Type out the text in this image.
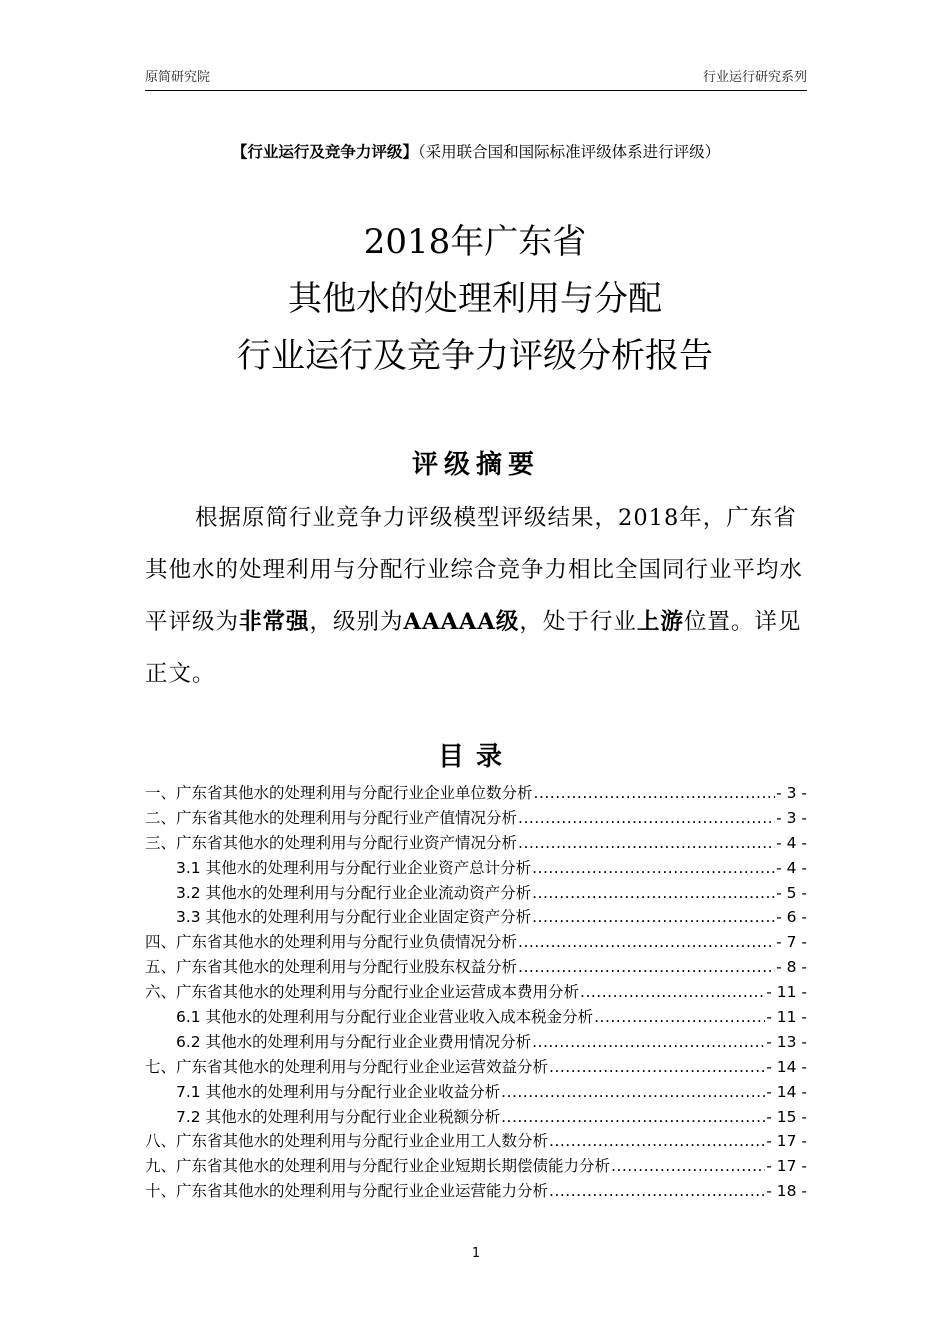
原简研究院	行业运行研究系列
【行业运行及竞争力评级】（采用联合国和国际标准评级体系进行评级）
2018年广东省
其他水的处理利用与分配
行业运行及竞争力评级分析报告
评级摘要
根据原简行业竞争力评级模型评级结果，2018年，广东省其他水的处理利用与分配行业综合竞争力相比全国同行业平均水平评级为非常强，级别为AAAAA级，处于行业上游位置。详见正文。
目录
一、广东省其他水的处理利用与分配行业企业单位数分析 .....	- 3 -
二、广东省其他水的处理利用与分配行业产值情况分析 .....	- 3 -
三、广东省其他水的处理利用与分配行业资产情况分析 .....	- 4 -
3.1 其他水的处理利用与分配行业企业资产总计分析 .....	- 4 -
3.2 其他水的处理利用与分配行业企业流动资产分析 .....	- 5 -
3.3 其他水的处理利用与分配行业企业固定资产分析 .....	- 6 -
四、广东省其他水的处理利用与分配行业负债情况分析 .....	- 7 -
五、广东省其他水的处理利用与分配行业股东权益分析 .....	- 8 -
六、广东省其他水的处理利用与分配行业企业运营成本费用分析 .....	- 11 -
6.1 其他水的处理利用与分配行业企业营业收入成本税金分析 .....	- 11 -
6.2 其他水的处理利用与分配行业企业费用情况分析 .....	- 13 -
七、广东省其他水的处理利用与分配行业企业运营效益分析 .....	- 14 -
7.1 其他水的处理利用与分配行业企业收益分析 .....	- 14 -
7.2 其他水的处理利用与分配行业企业税额分析 .....	- 15 -
八、广东省其他水的处理利用与分配行业企业用工人数分析 .....	- 17 -
九、广东省其他水的处理利用与分配行业企业短期长期偿债能力分析 .....	- 17 -
十、广东省其他水的处理利用与分配行业企业运营能力分析 .....	- 18 -
1
